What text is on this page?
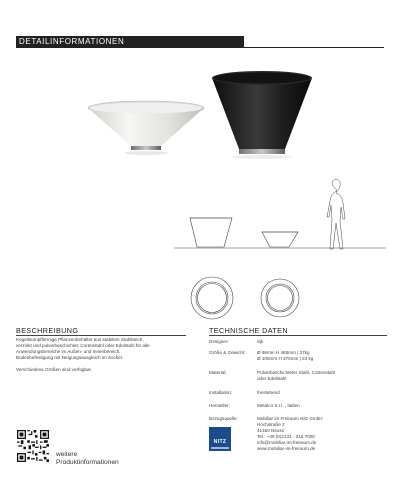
DETAILINFORMATIONEN
BESCHREIBUNG

Kegelstumpfförmige Pflanzenbehälter aus stabilem Stahlblech,
verzinkt und pulverbeschichtet; Cortenstahl oder Edelstahl für alle
Anwendungsbereiche im Außen- und Innenbereich.
Bodenbefestigung mit Neigungsausgleich im Sockel.

Verschiedene Größen sind verfügbar.

TECHNISCHE DATEN
Designer:	Sjk
Größe & Gewicht:	Ø 96mm H 465mm | 37kg
Ø 105mm H 370mm | 23 kg
Material:	Pulverbeschichteter Stahl, Cortenstahl
oder Edelstahl
Installation:	freistehend
Hersteller:	Metalco S.r.l. , Italien
Bezugsquelle:	Mobiliar im Freiraum Nitz GmbH
Hochstraße 2
41460 Neuss
Tel.: +49 (0)2131 - 316 7000
info@mobiliar-im-freiraum.de
www.mobiliar-im-freiraum.de
NITZ
weitere
Produktinformationen
